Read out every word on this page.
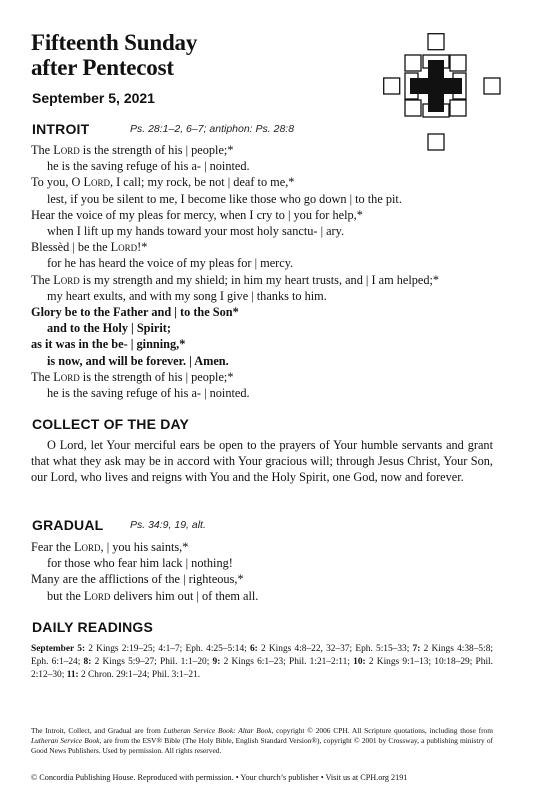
Fifteenth Sunday
after Pentecost
September 5, 2021
INTROIT	Ps. 28:1–2, 6–7; antiphon: Ps. 28:8
The Lord is the strength of his | people;*
he is the saving refuge of his a- | nointed.
To you, O Lord, I call; my rock, be not | deaf to me,*
lest, if you be silent to me, I become like those who go down | to the pit.
Hear the voice of my pleas for mercy, when I cry to | you for help,*
when I lift up my hands toward your most holy sanctu- | ary.
Blessèd | be the Lord!*
for he has heard the voice of my pleas for | mercy.
The Lord is my strength and my shield; in him my heart trusts, and | I am helped;*
my heart exults, and with my song I give | thanks to him.
Glory be to the Father and | to the Son*
and to the Holy | Spirit;
as it was in the be- | ginning,*
is now, and will be forever. | Amen.
The Lord is the strength of his | people;*
he is the saving refuge of his a- | nointed.
COLLECT OF THE DAY
O Lord, let Your merciful ears be open to the prayers of Your humble servants and grant that what they ask may be in accord with Your gracious will; through Jesus Christ, Your Son, our Lord, who lives and reigns with You and the Holy Spirit, one God, now and forever.
GRADUAL	Ps. 34:9, 19, alt.
Fear the Lord, | you his saints,*
for those who fear him lack | nothing!
Many are the afflictions of the | righteous,*
but the Lord delivers him out | of them all.
DAILY READINGS
September 5: 2 Kings 2:19–25; 4:1–7; Eph. 4:25–5:14; 6: 2 Kings 4:8–22, 32–37; Eph. 5:15–33; 7: 2 Kings 4:38–5:8; Eph. 6:1–24; 8: 2 Kings 5:9–27; Phil. 1:1–20; 9: 2 Kings 6:1–23; Phil. 1:21–2:11; 10: 2 Kings 9:1–13; 10:18–29; Phil. 2:12–30; 11: 2 Chron. 29:1–24; Phil. 3:1–21.
The Introit, Collect, and Gradual are from Lutheran Service Book: Altar Book, copyright © 2006 CPH. All Scripture quotations, including those from Lutheran Service Book, are from the ESV® Bible (The Holy Bible, English Standard Version®), copyright © 2001 by Crossway, a publishing ministry of Good News Publishers. Used by permission. All rights reserved.
© Concordia Publishing House. Reproduced with permission. • Your church’s publisher • Visit us at CPH.org 2191
